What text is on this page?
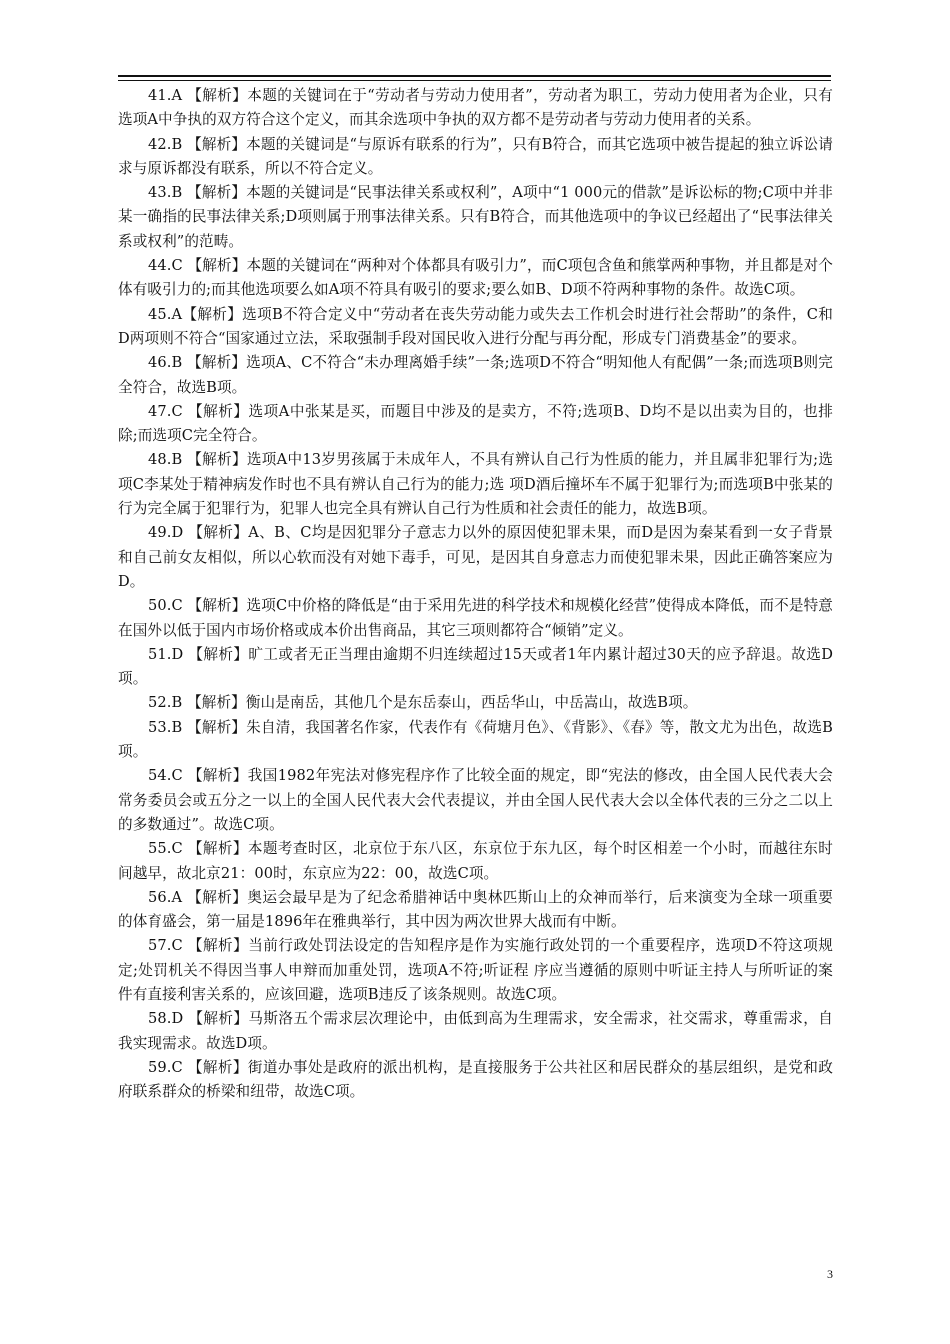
41.A 【解析】本题的关键词在于“劳动者与劳动力使用者”，劳动者为职工，劳动力使用者为企业，只有选项A中争执的双方符合这个定义，而其余选项中争执的双方都不是劳动者与劳动力使用者的关系。

42.B 【解析】本题的关键词是“与原诉有联系的行为”，只有B符合，而其它选项中被告提起的独立诉讼请求与原诉都没有联系，所以不符合定义。

43.B 【解析】本题的关键词是“民事法律关系或权利”，A项中“1 000元的借款”是诉讼标的物;C项中并非某一确指的民事法律关系;D项则属于刑事法律关系。只有B符合，而其他选项中的争议已经超出了“民事法律关系或权利”的范畴。

44.C 【解析】本题的关键词在“两种对个体都具有吸引力”，而C项包含鱼和熊掌两种事物，并且都是对个体有吸引力的;而其他选项要么如A项不符具有吸引的要求;要么如B、D项不符两种事物的条件。故选C项。

45.A【解析】选项B不符合定义中“劳动者在丧失劳动能力或失去工作机会时进行社会帮助”的条件，C和D两项则不符合“国家通过立法，采取强制手段对国民收入进行分配与再分配，形成专门消费基金”的要求。

46.B 【解析】选项A、C不符合“未办理离婚手续”一条;选项D不符合“明知他人有配偶”一条;而选项B则完全符合，故选B项。

47.C 【解析】选项A中张某是买，而题目中涉及的是卖方，不符;选项B、D均不是以出卖为目的，也排除;而选项C完全符合。

48.B 【解析】选项A中13岁男孩属于未成年人，不具有辨认自己行为性质的能力，并且属非犯罪行为;选项C李某处于精神病发作时也不具有辨认自己行为的能力;选 项D酒后撞坏车不属于犯罪行为;而选项B中张某的行为完全属于犯罪行为，犯罪人也完全具有辨认自己行为性质和社会责任的能力，故选B项。

49.D 【解析】A、B、C均是因犯罪分子意志力以外的原因使犯罪未果，而D是因为秦某看到一女子背景和自己前女友相似，所以心软而没有对她下毒手，可见，是因其自身意志力而使犯罪未果，因此正确答案应为D。

50.C 【解析】选项C中价格的降低是“由于采用先进的科学技术和规模化经营”使得成本降低，而不是特意在国外以低于国内市场价格或成本价出售商品，其它三项则都符合“倾销”定义。

51.D 【解析】旷工或者无正当理由逾期不归连续超过15天或者1年内累计超过30天的应予辞退。故选D项。

52.B 【解析】衡山是南岳，其他几个是东岳泰山，西岳华山，中岳嵩山，故选B项。

53.B 【解析】朱自清，我国著名作家，代表作有《荷塘月色》、《背影》、《春》等，散文尤为出色，故选B项。

54.C 【解析】我国1982年宪法对修宪程序作了比较全面的规定，即“宪法的修改，由全国人民代表大会常务委员会或五分之一以上的全国人民代表大会代表提议，并由全国人民代表大会以全体代表的三分之二以上的多数通过”。故选C项。

55.C 【解析】本题考查时区，北京位于东八区，东京位于东九区，每个时区相差一个小时，而越往东时间越早，故北京21：00时，东京应为22：00，故选C项。

56.A 【解析】奥运会最早是为了纪念希腊神话中奥林匹斯山上的众神而举行，后来演变为全球一项重要的体育盛会，第一届是1896年在雅典举行，其中因为两次世界大战而有中断。

57.C 【解析】当前行政处罚法设定的告知程序是作为实施行政处罚的一个重要程序，选项D不符这项规定;处罚机关不得因当事人申辩而加重处罚，选项A不符;听证程 序应当遵循的原则中听证主持人与所听证的案件有直接利害关系的，应该回避，选项B违反了该条规则。故选C项。

58.D 【解析】马斯洛五个需求层次理论中，由低到高为生理需求，安全需求，社交需求，尊重需求，自我实现需求。故选D项。

59.C 【解析】街道办事处是政府的派出机构，是直接服务于公共社区和居民群众的基层组织，是党和政府联系群众的桥梁和纽带，故选C项。

3
